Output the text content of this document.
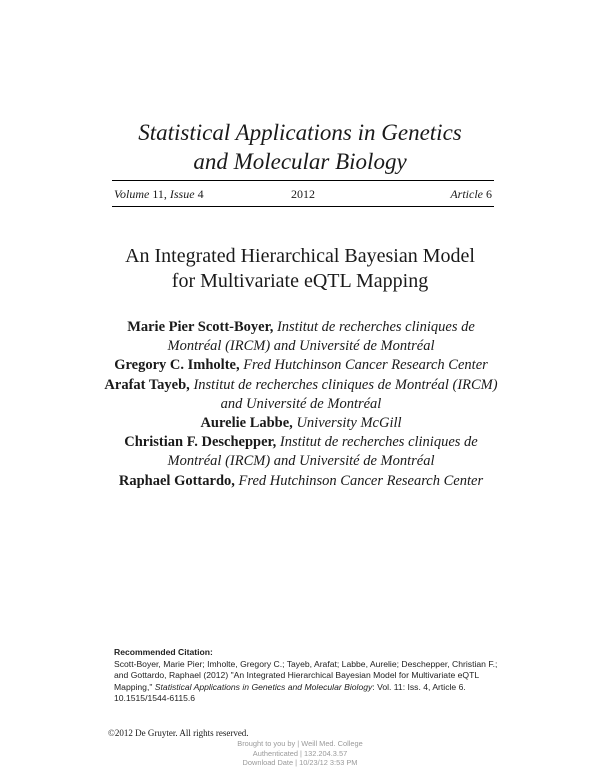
Statistical Applications in Genetics
and Molecular Biology
Volume 11, Issue 4	2012	Article 6
An Integrated Hierarchical Bayesian Model
for Multivariate eQTL Mapping
Marie Pier Scott-Boyer, Institut de recherches cliniques de Montréal (IRCM) and Université de Montréal
Gregory C. Imholte, Fred Hutchinson Cancer Research Center
Arafat Tayeb, Institut de recherches cliniques de Montréal (IRCM) and Université de Montréal
Aurelie Labbe, University McGill
Christian F. Deschepper, Institut de recherches cliniques de Montréal (IRCM) and Université de Montréal
Raphael Gottardo, Fred Hutchinson Cancer Research Center
Recommended Citation:
Scott-Boyer, Marie Pier; Imholte, Gregory C.; Tayeb, Arafat; Labbe, Aurelie; Deschepper, Christian F.; and Gottardo, Raphael (2012) "An Integrated Hierarchical Bayesian Model for Multivariate eQTL Mapping," Statistical Applications in Genetics and Molecular Biology: Vol. 11: Iss. 4, Article 6.
10.1515/1544-6115.6
©2012 De Gruyter. All rights reserved.
Brought to you by | Weill Med. College
Authenticated | 132.204.3.57
Download Date | 10/23/12 3:53 PM
